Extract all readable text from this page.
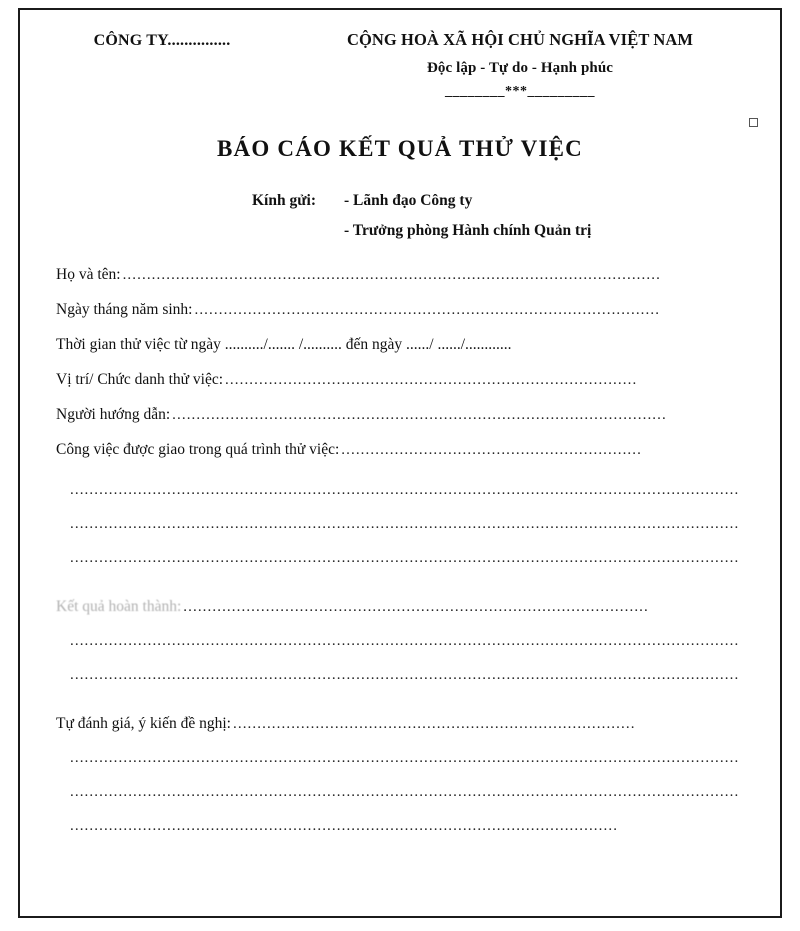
CÔNG TY...............	CỘNG HOÀ XÃ HỘI CHỦ NGHĨA VIỆT NAM
Độc lập - Tự do - Hạnh phúc
________***_________
BÁO CÁO KẾT QUẢ THỬ VIỆC
Kính gửi:	- Lãnh đạo Công ty
- Trưởng phòng Hành chính Quản trị
Họ và tên: ...............................................................................................................
Ngày tháng năm sinh: ................................................................................................
Thời gian thử việc từ ngày ........../....... /.......... đến ngày ....../ ....../............
Vị trí/ Chức danh thử việc: .....................................................................................
Người hướng dẫn: ......................................................................................................
Công việc được giao trong quá trình thử việc: ..............................................................
..........................................................................................................................................
..........................................................................................................................................
..........................................................................................................................................
Kết quả hoàn thành: ................................................................................................
..........................................................................................................................................
..........................................................................................................................................
Tự đánh giá, ý kiến đề nghị: ...................................................................................
..........................................................................................................................................
..........................................................................................................................................
.................................................................................................................
